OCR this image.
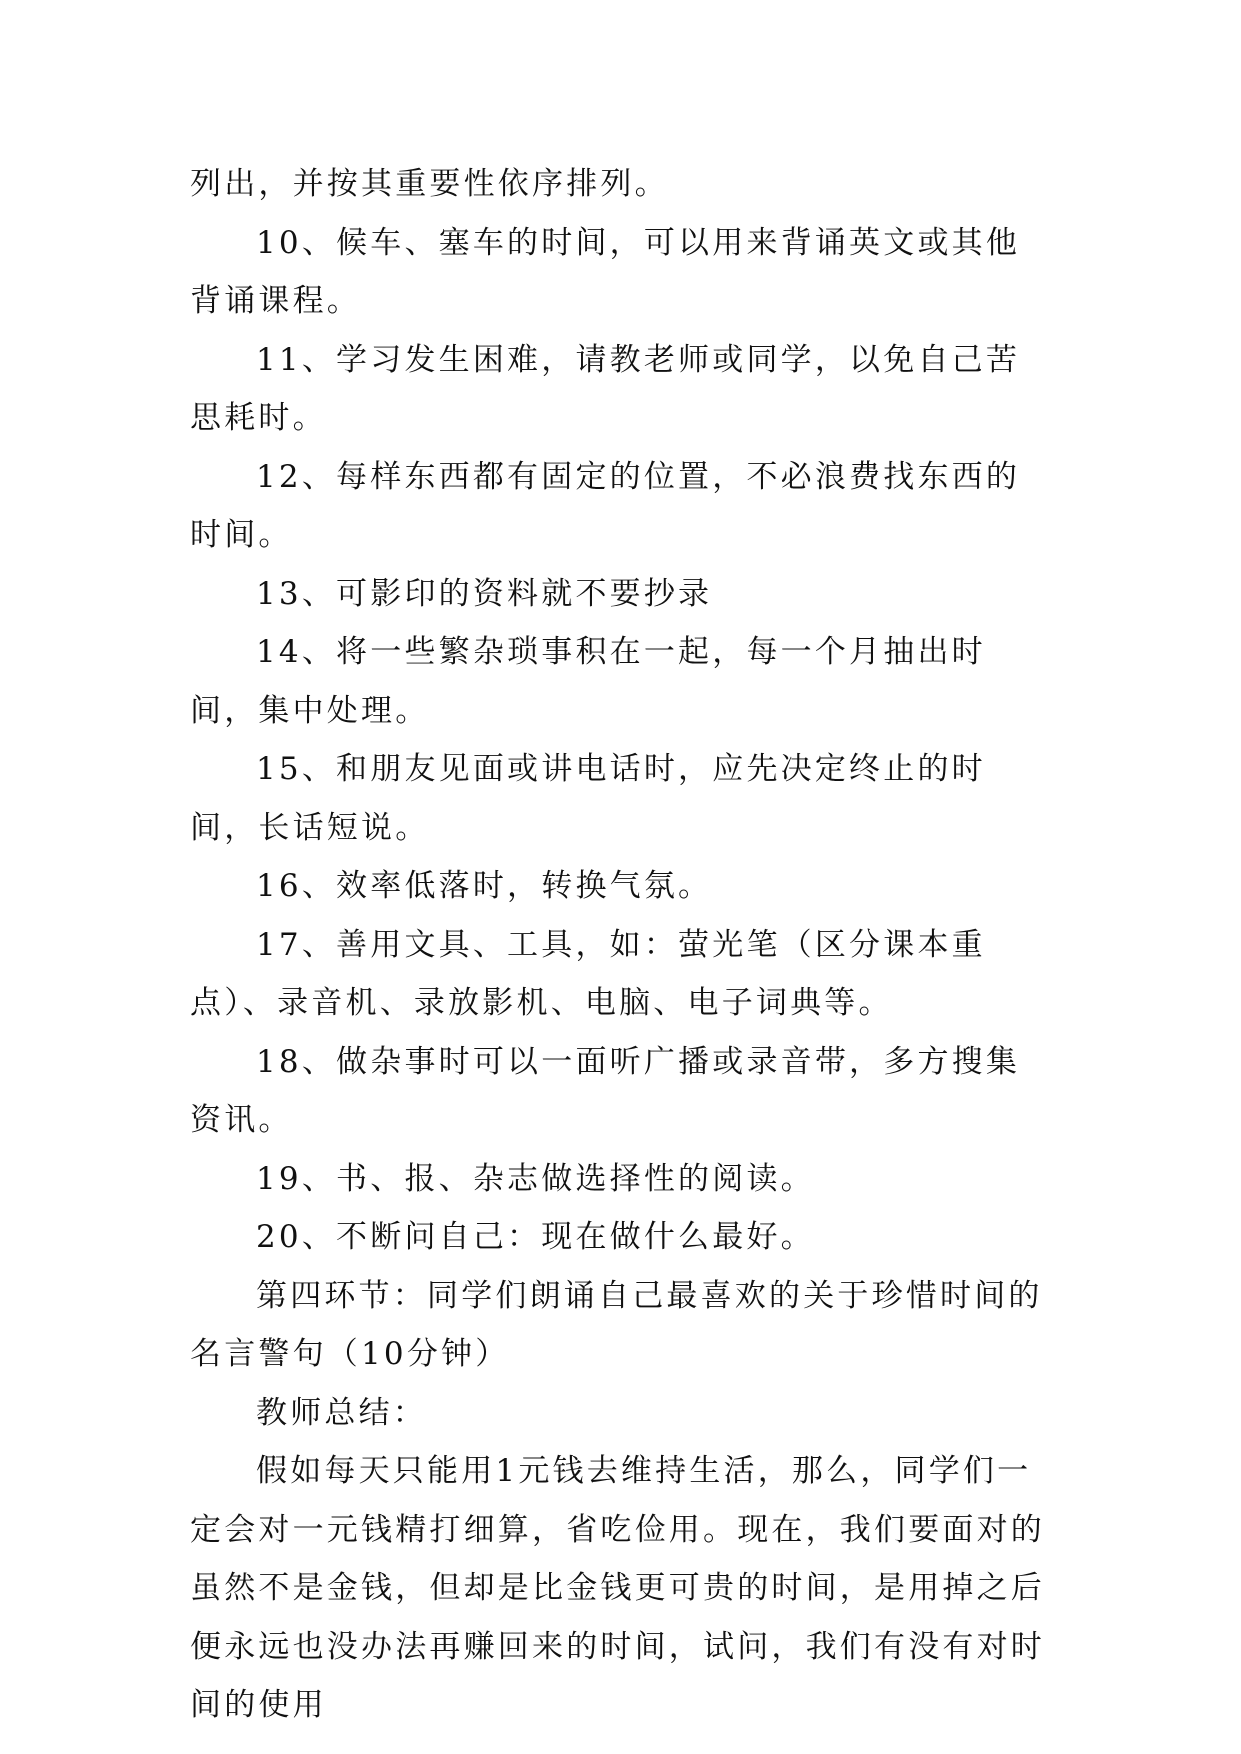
列出，并按其重要性依序排列。

10、候车、塞车的时间，可以用来背诵英文或其他背诵课程。

11、学习发生困难，请教老师或同学，以免自己苦思耗时。

12、每样东西都有固定的位置，不必浪费找东西的时间。

13、可影印的资料就不要抄录

14、将一些繁杂琐事积在一起，每一个月抽出时间，集中处理。

15、和朋友见面或讲电话时，应先决定终止的时间，长话短说。

16、效率低落时，转换气氛。

17、善用文具、工具，如：萤光笔（区分课本重点）、录音机、录放影机、电脑、电子词典等。

18、做杂事时可以一面听广播或录音带，多方搜集资讯。

19、书、报、杂志做选择性的阅读。

20、不断问自己：现在做什么最好。

第四环节：同学们朗诵自己最喜欢的关于珍惜时间的名言警句（10分钟）

教师总结：

假如每天只能用1元钱去维持生活，那么，同学们一定会对一元钱精打细算，省吃俭用。现在，我们要面对的虽然不是金钱，但却是比金钱更可贵的时间，是用掉之后便永远也没办法再赚回来的时间，试问，我们有没有对时间的使用
